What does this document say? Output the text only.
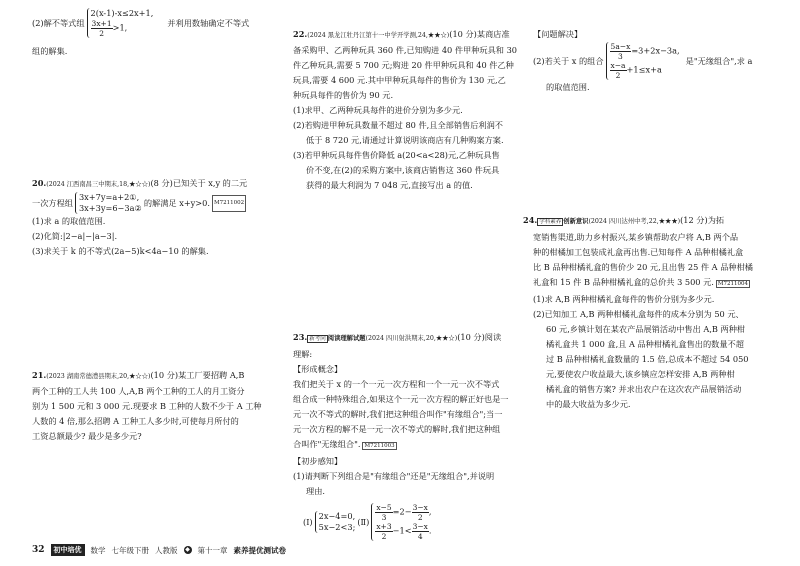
(2)解不等式组
2(x-1)-x≤2x+1,
$\frac{3x+1}{2} >1$,	并利用数轴确定不等式
组的解集.
20.(2024 江西南昌三中期末,18,★☆☆)(8 分)已知关于 x,y 的二元
一次方程组
3x+7y=a+2①,
3x+3y=6−3a②
的解满足 x+y>0. M7211002
(1)求 a 的取值范围.
(2)化简:|2−a|−|a−3|.
(3)求关于 k 的不等式(2a−5)k<4a−10 的解集.
21.(2023 湖南常德澧县期末,20,★☆☆)(10 分)某工厂要招聘 A,B
两个工种的工人共 100 人,A,B 两个工种的工人的月工资分
别为 1 500 元和 3 000 元.现要求 B 工种的人数不少于 A 工种
人数的 4 倍,那么招聘 A 工种工人多少时,可使每月所付的
工资总额最少? 最少是多少元?
22.(2024 黑龙江牡丹江第十一中学开学测,24,★★☆)(10 分)某商店准
备采购甲、乙两种玩具 360 件,已知购进 40 件甲种玩具和 30
件乙种玩具,需要 5 700 元;购进 20 件甲种玩具和 40 件乙种
玩具,需要 4 600 元.其中甲种玩具每件的售价为 130 元,乙
种玩具每件的售价为 90 元.
(1)求甲、乙两种玩具每件的进价分别为多少元.
(2)若购进甲种玩具数量不超过 80 件,且全部销售后利润不
低于 8 720 元,请通过计算说明该商店有几种购案方案.
(3)若甲种玩具每件售价降低 a(20<a<28)元,乙种玩具售
价不变,在(2)的采购方案中,该商店销售这 360 件玩具
获得的最大利润为 7 048 元,直接写出 a 的值.
23. 新考向 阅读理解试题(2024 四川射洪期末,20,★★☆)(10 分)阅读
理解:
【形成概念】
我们把关于 x 的一个一元一次方程和一个一元一次不等式
组合成一种特殊组合,如果这个一元一次方程的解正好也是一
元一次不等式的解时,我们把这种组合叫作"有缘组合";当一
元一次方程的解不是一元一次不等式的解时,我们把这种组
合叫作"无缘组合". M7211003
【初步感知】
(1)请判断下列组合是"有缘组合"还是"无缘组合",并说明
理由.
(Ⅰ)
2x−4=0,
5x−2<3;
(Ⅱ) $\frac{x-5}{3} =2- \frac{3-x}{2}$ ,
$\frac{x+3}{2} -1< \frac{3-x}{4}$ .
【问题解决】
(2)若关于 x 的组合 $\frac{5a-x}{3} =3+2x-3a$,
$\frac{x-a}{2} +1\le x+a$
是"无缘组合",求 a
的取值范围.
24. 学科素养 创新意识(2024 四川达州中考,22,★★★)(12 分)为拓
宽销售渠道,助力乡村振兴,某乡镇帮助农户将 A,B 两个品
种的柑橘加工包装成礼盒再出售.已知每件 A 品种柑橘礼盒
比 B 品种柑橘礼盒的售价少 20 元,且出售 25 件 A 品种柑橘
礼盒和 15 件 B 品种柑橘礼盒的总价共 3 500 元. M7211004
(1)求 A,B 两种柑橘礼盒每件的售价分别为多少元.
(2)已知加工 A,B 两种柑橘礼盒每件的成本分别为 50 元、
60 元,乡镇计划在某农产品展销活动中售出 A,B 两种柑
橘礼盒共 1 000 盒,且 A 品种柑橘礼盒售出的数量不超
过 B 品种柑橘礼盒数量的 1.5 倍,总成本不超过 54 050
元,要使农户收益最大,该乡镇应怎样安排 A,B 两种柑
橘礼盒的销售方案? 并求出农户在这次农产品展销活动
中的最大收益为多少元.
32	初中培优	数学 七年级下册 人教版 ◆ 第十一章 素养提优测试卷
